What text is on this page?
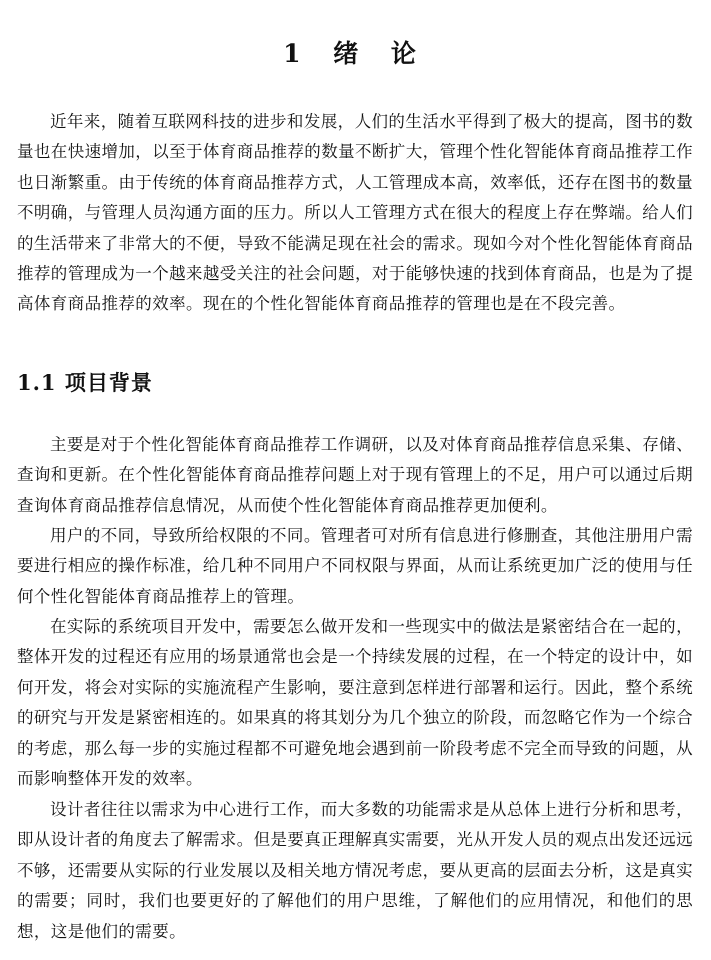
1 绪 论

近年来，随着互联网科技的进步和发展，人们的生活水平得到了极大的提高，图书的数量也在快速增加，以至于体育商品推荐的数量不断扩大，管理个性化智能体育商品推荐工作也日渐繁重。由于传统的体育商品推荐方式，人工管理成本高，效率低，还存在图书的数量不明确，与管理人员沟通方面的压力。所以人工管理方式在很大的程度上存在弊端。给人们的生活带来了非常大的不便，导致不能满足现在社会的需求。现如今对个性化智能体育商品推荐的管理成为一个越来越受关注的社会问题，对于能够快速的找到体育商品，也是为了提高体育商品推荐的效率。现在的个性化智能体育商品推荐的管理也是在不段完善。

1.1 项目背景

主要是对于个性化智能体育商品推荐工作调研，以及对体育商品推荐信息采集、存储、查询和更新。在个性化智能体育商品推荐问题上对于现有管理上的不足，用户可以通过后期查询体育商品推荐信息情况，从而使个性化智能体育商品推荐更加便利。

用户的不同，导致所给权限的不同。管理者可对所有信息进行修删查，其他注册用户需要进行相应的操作标准，给几种不同用户不同权限与界面，从而让系统更加广泛的使用与任何个性化智能体育商品推荐上的管理。

在实际的系统项目开发中，需要怎么做开发和一些现实中的做法是紧密结合在一起的，整体开发的过程还有应用的场景通常也会是一个持续发展的过程，在一个特定的设计中，如何开发，将会对实际的实施流程产生影响，要注意到怎样进行部署和运行。因此，整个系统的研究与开发是紧密相连的。如果真的将其划分为几个独立的阶段，而忽略它作为一个综合的考虑，那么每一步的实施过程都不可避免地会遇到前一阶段考虑不完全而导致的问题，从而影响整体开发的效率。

设计者往往以需求为中心进行工作，而大多数的功能需求是从总体上进行分析和思考，即从设计者的角度去了解需求。但是要真正理解真实需要，光从开发人员的观点出发还远远不够，还需要从实际的行业发展以及相关地方情况考虑，要从更高的层面去分析，这是真实的需要；同时，我们也要更好的了解他们的用户思维，了解他们的应用情况，和他们的思想，这是他们的需要。
